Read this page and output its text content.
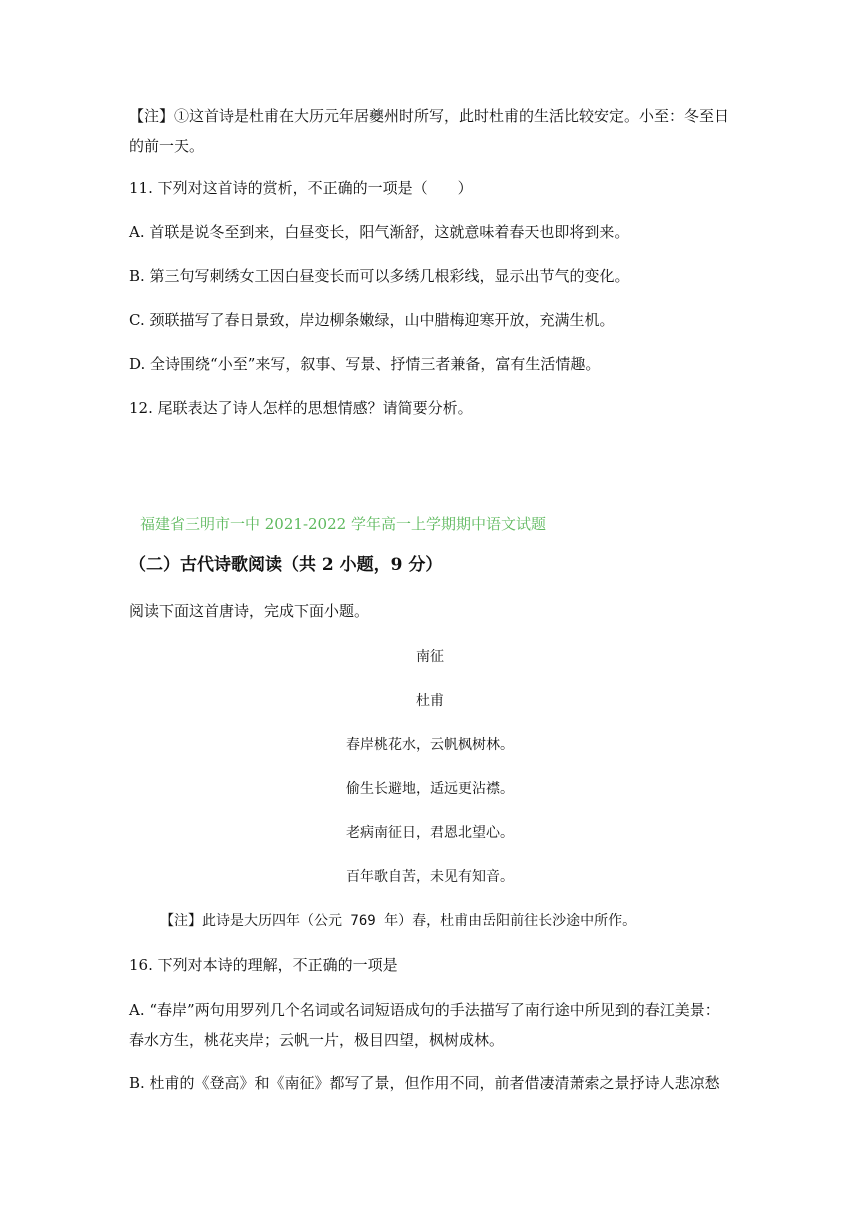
【注】①这首诗是杜甫在大历元年居夔州时所写，此时杜甫的生活比较安定。小至：冬至日
的前一天。
11. 下列对这首诗的赏析，不正确的一项是（　　）
A. 首联是说冬至到来，白昼变长，阳气渐舒，这就意味着春天也即将到来。
B. 第三句写刺绣女工因白昼变长而可以多绣几根彩线，显示出节气的变化。
C. 颈联描写了春日景致，岸边柳条嫩绿，山中腊梅迎寒开放，充满生机。
D. 全诗围绕“小至”来写，叙事、写景、抒情三者兼备，富有生活情趣。
12. 尾联表达了诗人怎样的思想情感？请简要分析。
福建省三明市一中 2021-2022 学年高一上学期期中语文试题
（二）古代诗歌阅读（共 2 小题，9 分）
阅读下面这首唐诗，完成下面小题。
南征
杜甫
春岸桃花水，云帆枫树林。
偷生长避地，适远更沾襟。
老病南征日，君恩北望心。
百年歌自苦，未见有知音。
【注】此诗是大历四年（公元 769 年）春，杜甫由岳阳前往长沙途中所作。
16. 下列对本诗的理解，不正确的一项是
A. “春岸”两句用罗列几个名词或名词短语成句的手法描写了南行途中所见到的春江美景：
春水方生，桃花夹岸；云帆一片，极目四望，枫树成林。
B. 杜甫的《登高》和《南征》都写了景，但作用不同，前者借凄清萧索之景抒诗人悲凉愁
